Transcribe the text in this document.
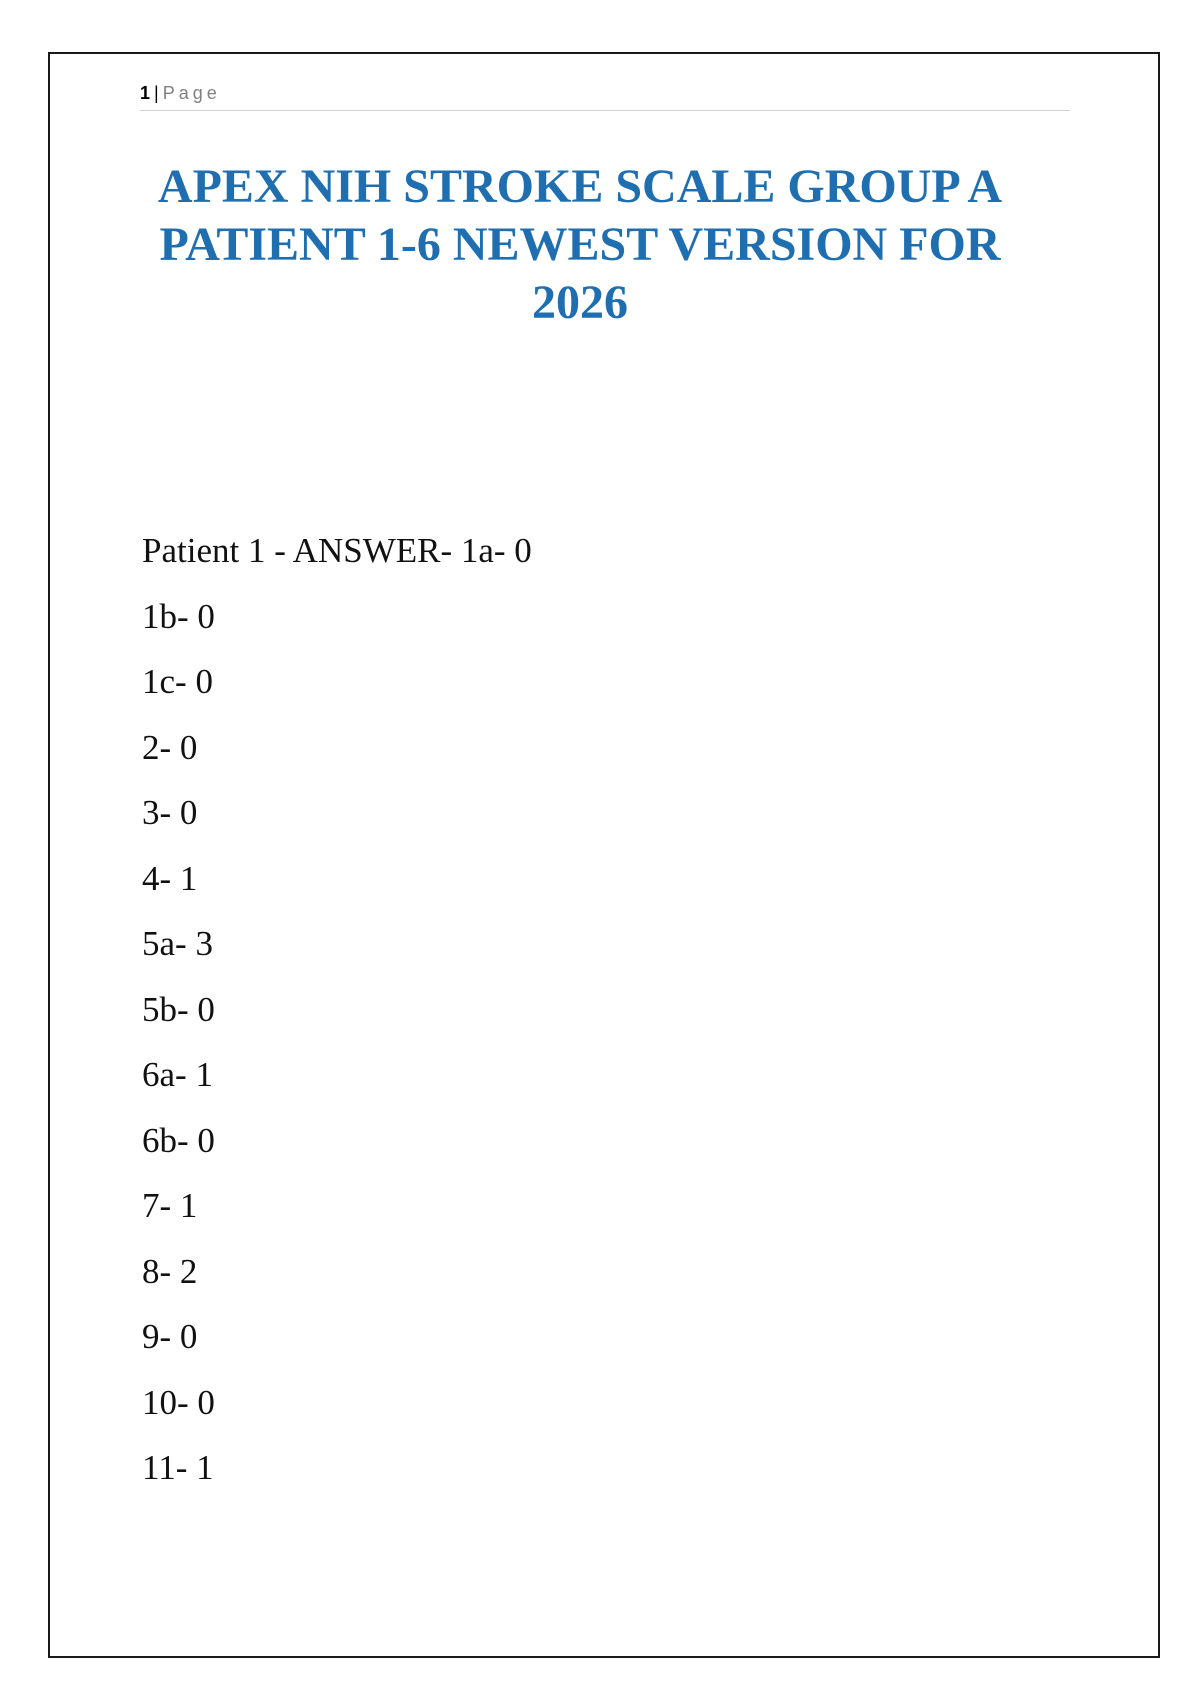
1 | Page
APEX NIH STROKE SCALE GROUP A
PATIENT 1-6 NEWEST VERSION FOR
2026
Patient 1 - ANSWER- 1a- 0
1b- 0
1c- 0
2- 0
3- 0
4- 1
5a- 3
5b- 0
6a- 1
6b- 0
7- 1
8- 2
9- 0
10- 0
11- 1
